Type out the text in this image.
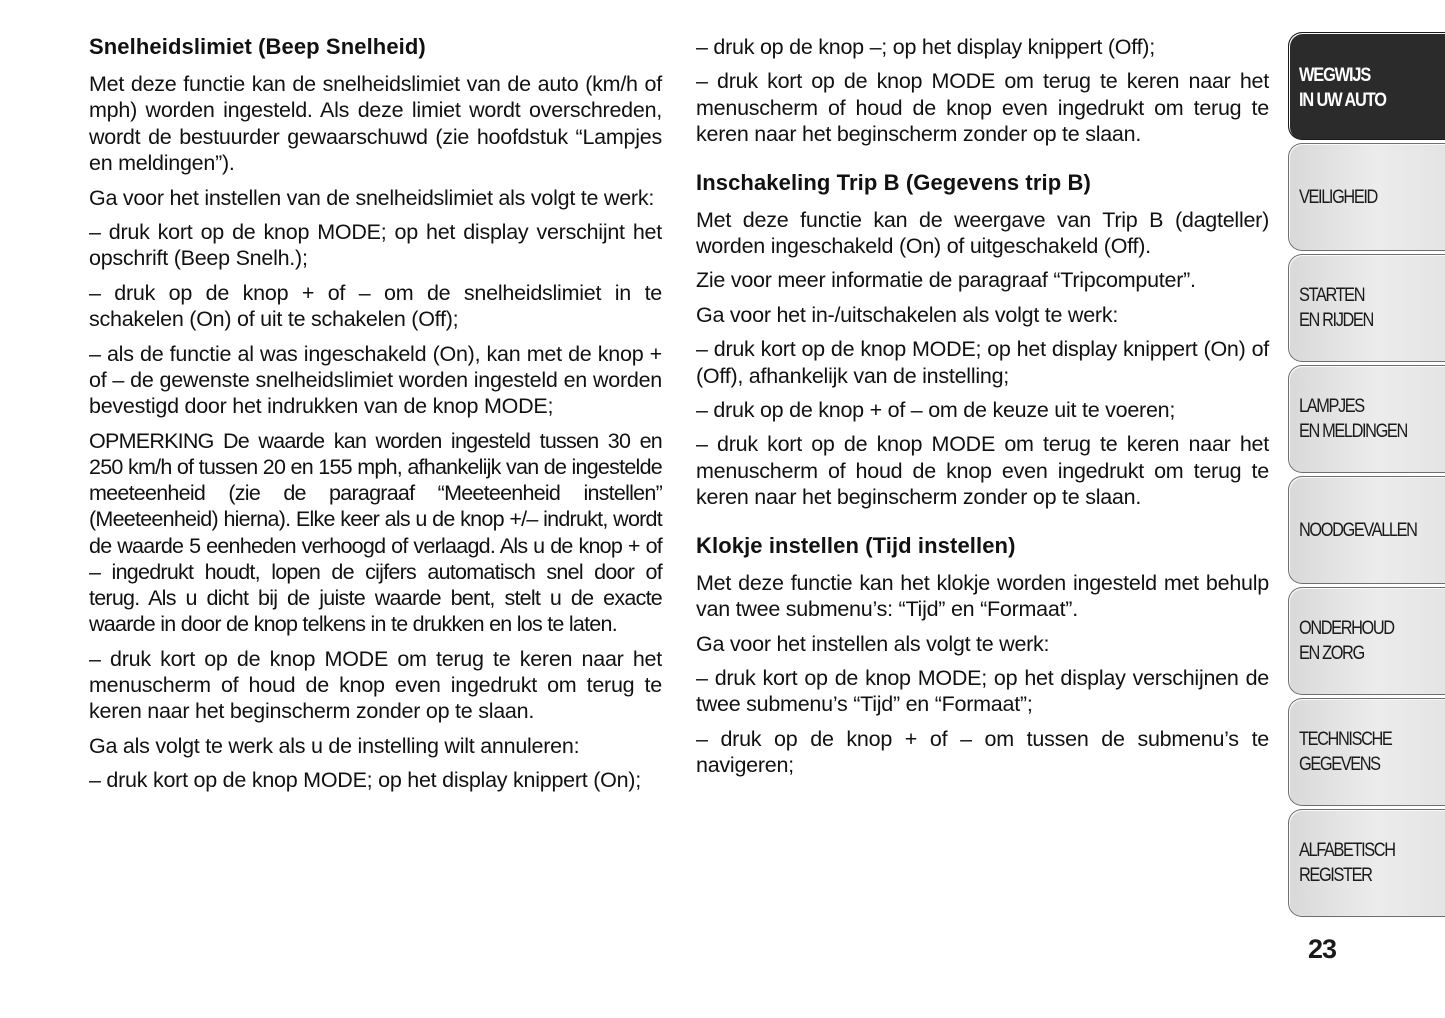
Snelheidslimiet (Beep Snelheid)

Met deze functie kan de snelheidslimiet van de auto (km/h of mph) worden ingesteld. Als deze limiet wordt overschreden, wordt de bestuurder gewaarschuwd (zie hoofdstuk “Lampjes en meldingen”).

Ga voor het instellen van de snelheidslimiet als volgt te werk:

– druk kort op de knop MODE; op het display verschijnt het opschrift (Beep Snelh.);

– druk op de knop + of – om de snelheidslimiet in te schakelen (On) of uit te schakelen (Off);

– als de functie al was ingeschakeld (On), kan met de knop + of – de gewenste snelheidslimiet worden ingesteld en worden bevestigd door het indrukken van de knop MODE;

OPMERKING De waarde kan worden ingesteld tussen 30 en 250 km/h of tussen 20 en 155 mph, afhankelijk van de ingestelde meeteenheid (zie de paragraaf “Meeteenheid instellen” (Meeteenheid) hierna). Elke keer als u de knop +/– indrukt, wordt de waarde 5 eenheden verhoogd of verlaagd. Als u de knop + of – ingedrukt houdt, lopen de cijfers automatisch snel door of terug. Als u dicht bij de juiste waarde bent, stelt u de exacte waarde in door de knop telkens in te drukken en los te laten.

– druk kort op de knop MODE om terug te keren naar het menuscherm of houd de knop even ingedrukt om terug te keren naar het beginscherm zonder op te slaan.

Ga als volgt te werk als u de instelling wilt annuleren:

– druk kort op de knop MODE; op het display knippert (On);

– druk op de knop –; op het display knippert (Off);

– druk kort op de knop MODE om terug te keren naar het menuscherm of houd de knop even ingedrukt om terug te keren naar het beginscherm zonder op te slaan.

Inschakeling Trip B (Gegevens trip B)

Met deze functie kan de weergave van Trip B (dagteller) worden ingeschakeld (On) of uitgeschakeld (Off).

Zie voor meer informatie de paragraaf “Tripcomputer”.

Ga voor het in-/uitschakelen als volgt te werk:

– druk kort op de knop MODE; op het display knippert (On) of (Off), afhankelijk van de instelling;

– druk op de knop + of – om de keuze uit te voeren;

– druk kort op de knop MODE om terug te keren naar het menuscherm of houd de knop even ingedrukt om terug te keren naar het beginscherm zonder op te slaan.

Klokje instellen (Tijd instellen)

Met deze functie kan het klokje worden ingesteld met behulp van twee submenu’s: “Tijd” en “Formaat”.

Ga voor het instellen als volgt te werk:

– druk kort op de knop MODE; op het display verschijnen de twee submenu’s “Tijd” en “Formaat”;

– druk op de knop + of – om tussen de submenu’s te navigeren;

WEGWIJS
IN UW AUTO
VEILIGHEID
STARTEN
EN RIJDEN
LAMPJES
EN MELDINGEN
NOODGEVALLEN
ONDERHOUD
EN ZORG
TECHNISCHE
GEGEVENS
ALFABETISCH
REGISTER
23
